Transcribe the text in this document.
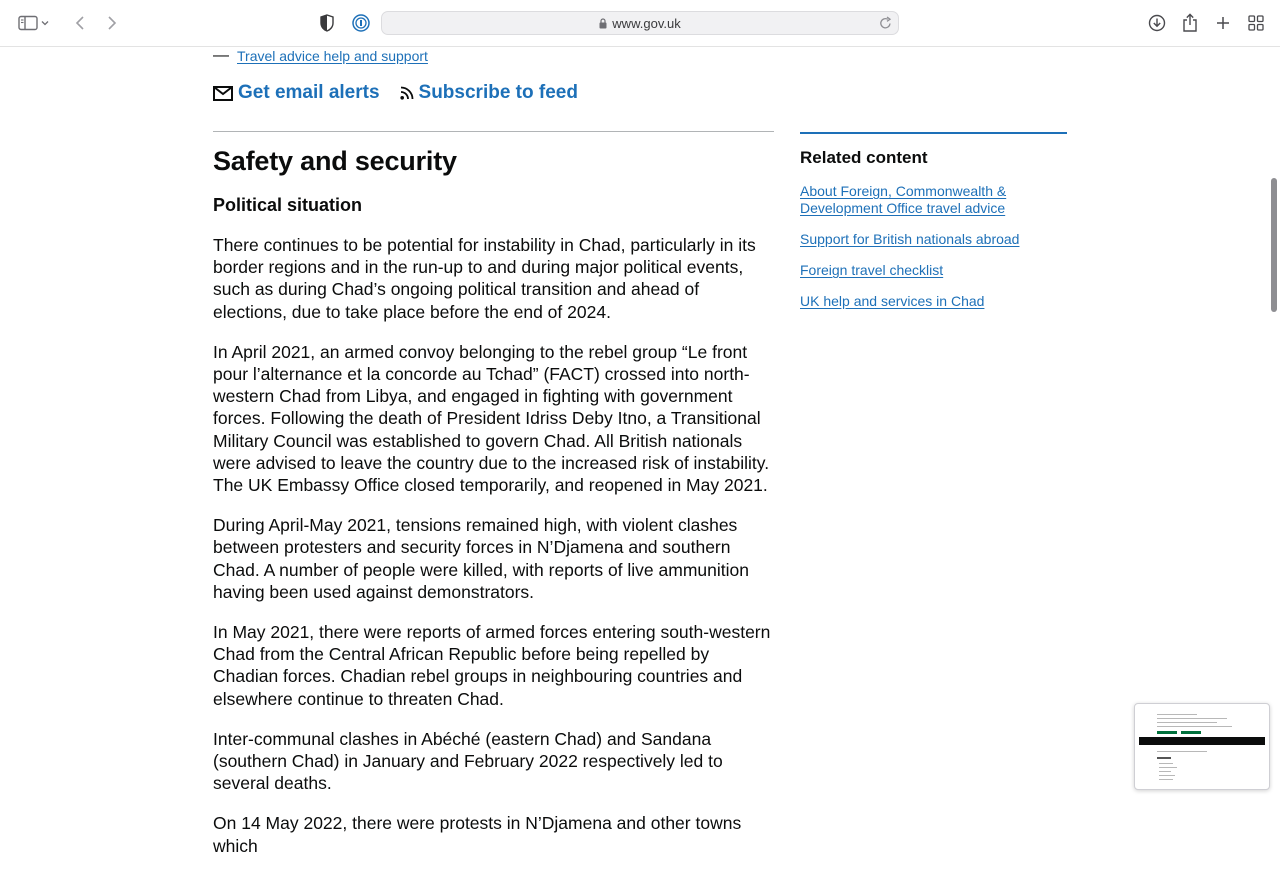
www.gov.uk
— Travel advice help and support
Get email alerts Subscribe to feed
Safety and security
Political situation

There continues to be potential for instability in Chad, particularly in its border regions and in the run-up to and during major political events, such as during Chad’s ongoing political transition and ahead of elections, due to take place before the end of 2024.

In April 2021, an armed convoy belonging to the rebel group “Le front pour l’alternance et la concorde au Tchad” (FACT) crossed into north-western Chad from Libya, and engaged in fighting with government forces. Following the death of President Idriss Deby Itno, a Transitional Military Council was established to govern Chad. All British nationals were advised to leave the country due to the increased risk of instability. The UK Embassy Office closed temporarily, and reopened in May 2021.

During April-May 2021, tensions remained high, with violent clashes between protesters and security forces in N’Djamena and southern Chad. A number of people were killed, with reports of live ammunition having been used against demonstrators.

In May 2021, there were reports of armed forces entering south-western Chad from the Central African Republic before being repelled by Chadian forces. Chadian rebel groups in neighbouring countries and elsewhere continue to threaten Chad.

Inter-communal clashes in Abéché (eastern Chad) and Sandana (southern Chad) in January and February 2022 respectively led to several deaths.

On 14 May 2022, there were protests in N’Djamena and other towns which

Related content
About Foreign, Commonwealth & Development Office travel advice
Support for British nationals abroad
Foreign travel checklist
UK help and services in Chad
